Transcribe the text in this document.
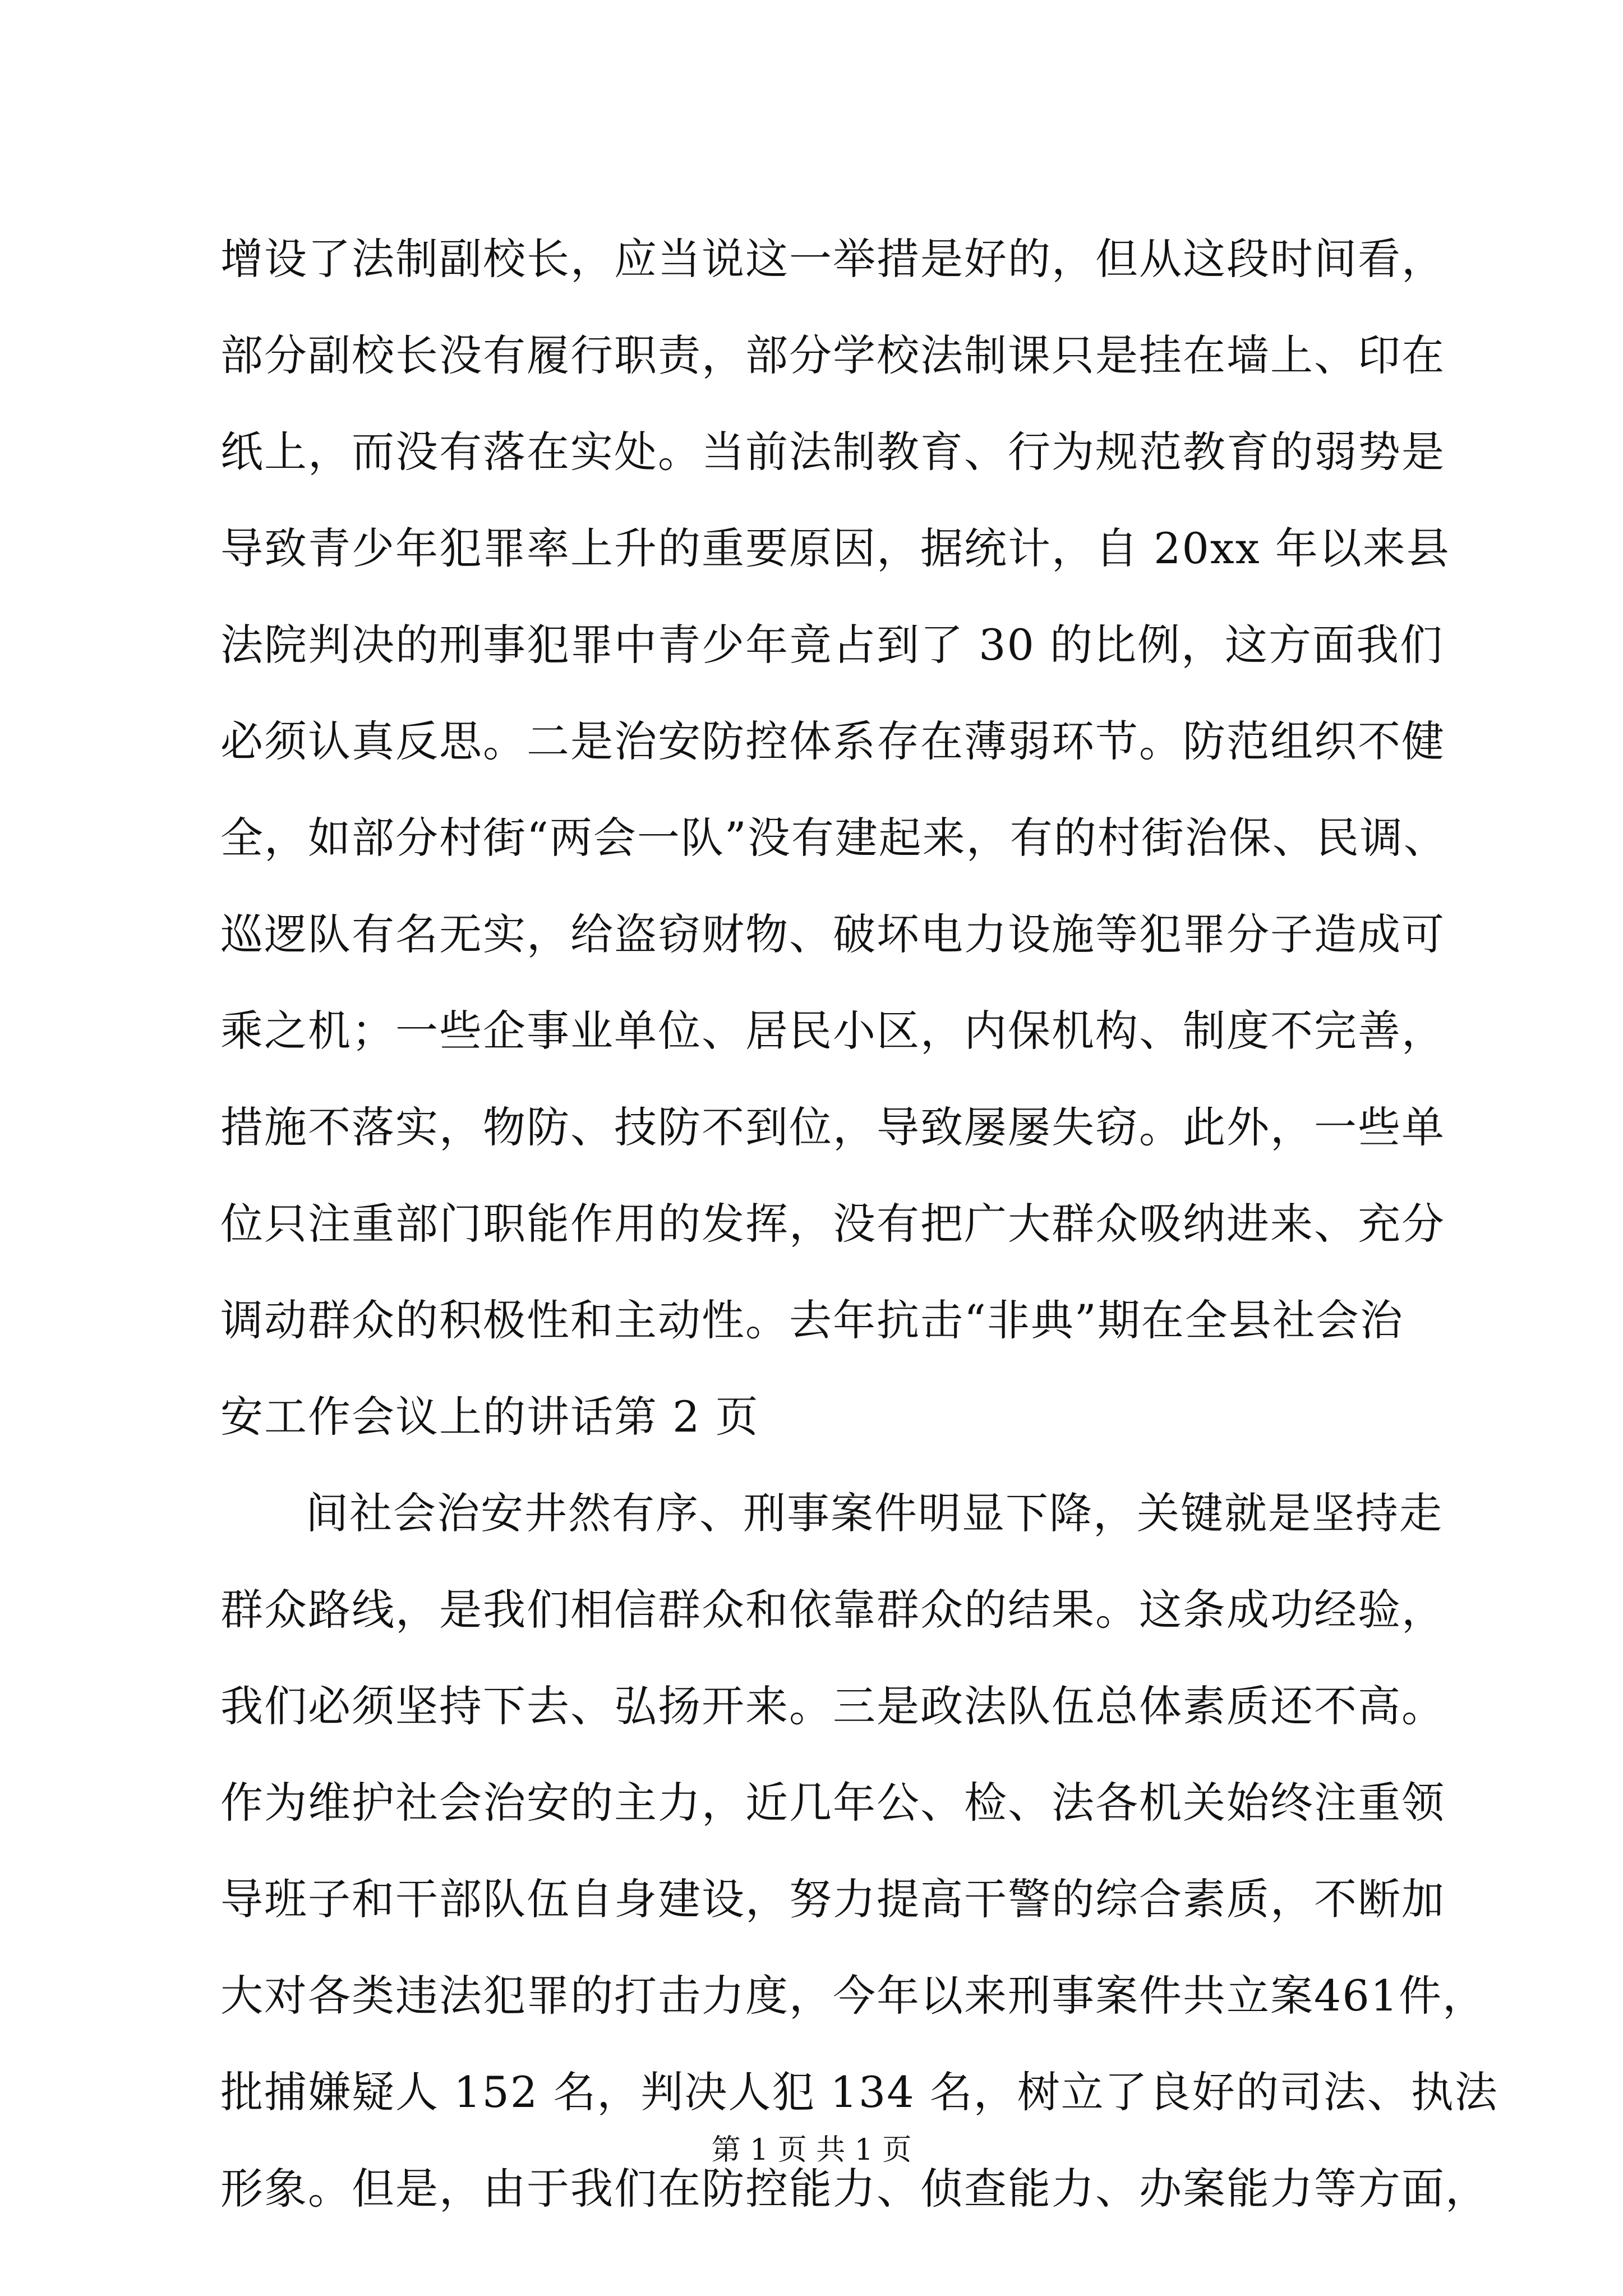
增设了法制副校长，应当说这一举措是好的，但从这段时间看，
部分副校长没有履行职责，部分学校法制课只是挂在墙上、印在
纸上，而没有落在实处。当前法制教育、行为规范教育的弱势是
导致青少年犯罪率上升的重要原因，据统计，自 20xx 年以来县
法院判决的刑事犯罪中青少年竟占到了 30 的比例，这方面我们
必须认真反思。二是治安防控体系存在薄弱环节。防范组织不健
全，如部分村街“两会一队”没有建起来，有的村街治保、民调、
巡逻队有名无实，给盗窃财物、破坏电力设施等犯罪分子造成可
乘之机；一些企事业单位、居民小区，内保机构、制度不完善，
措施不落实，物防、技防不到位，导致屡屡失窃。此外，一些单
位只注重部门职能作用的发挥，没有把广大群众吸纳进来、充分
调动群众的积极性和主动性。去年抗击“非典”期在全县社会治
安工作会议上的讲话第 2 页
间社会治安井然有序、刑事案件明显下降，关键就是坚持走
群众路线，是我们相信群众和依靠群众的结果。这条成功经验，
我们必须坚持下去、弘扬开来。三是政法队伍总体素质还不高。
作为维护社会治安的主力，近几年公、检、法各机关始终注重领
导班子和干部队伍自身建设，努力提高干警的综合素质，不断加
大对各类违法犯罪的打击力度，今年以来刑事案件共立案461件，
批捕嫌疑人 152 名，判决人犯 134 名，树立了良好的司法、执法
形象。但是，由于我们在防控能力、侦查能力、办案能力等方面，
第 1 页 共 1 页
